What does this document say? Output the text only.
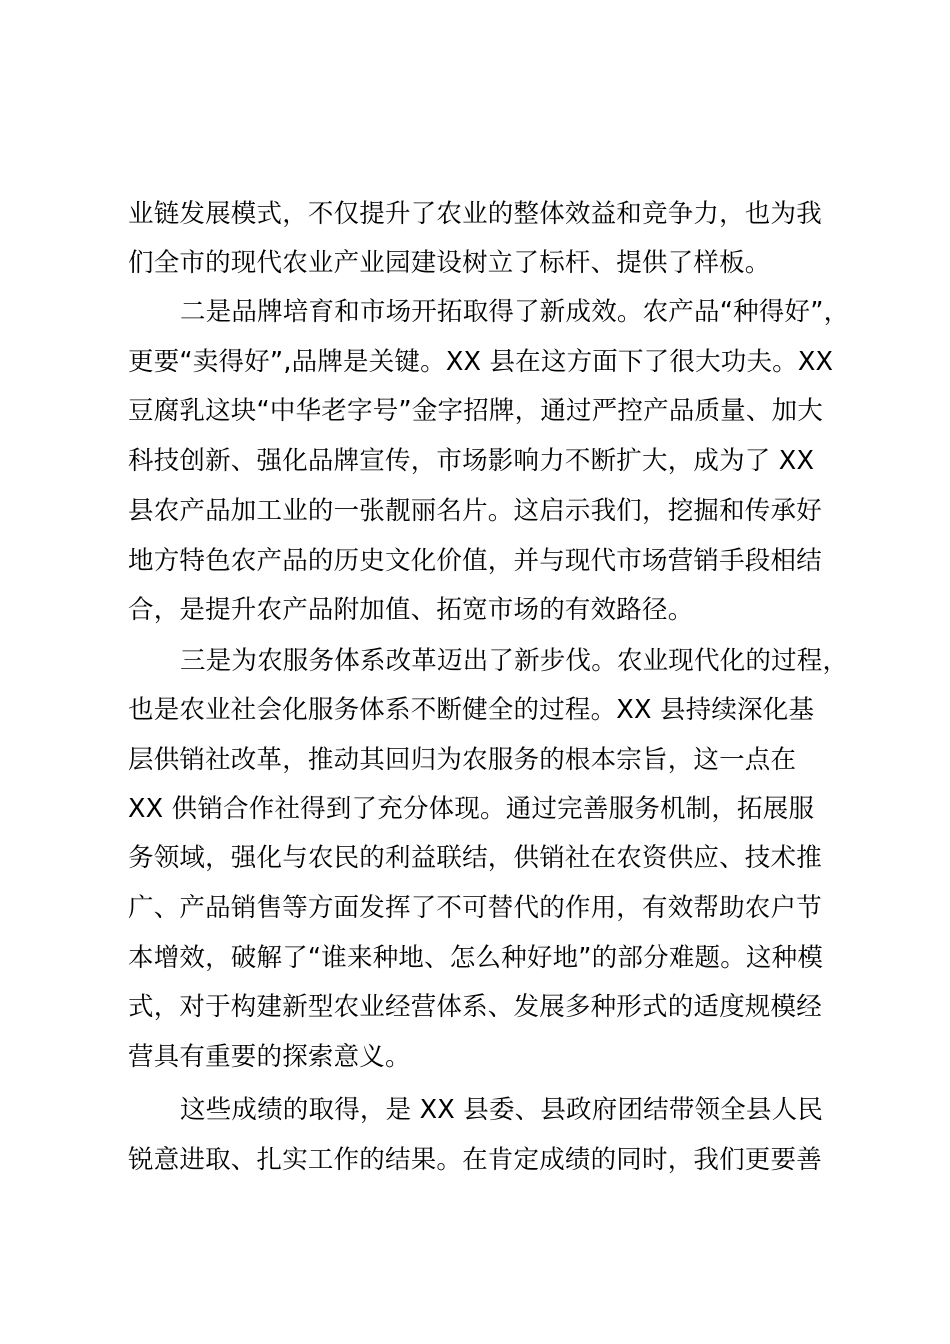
业链发展模式，不仅提升了农业的整体效益和竞争力，也为我
们全市的现代农业产业园建设树立了标杆、提供了样板。
二是品牌培育和市场开拓取得了新成效。农产品“种得好”，
更要“卖得好”,品牌是关键。XX 县在这方面下了很大功夫。XX
豆腐乳这块“中华老字号”金字招牌，通过严控产品质量、加大
科技创新、强化品牌宣传，市场影响力不断扩大，成为了 XX
县农产品加工业的一张靓丽名片。这启示我们，挖掘和传承好
地方特色农产品的历史文化价值，并与现代市场营销手段相结
合，是提升农产品附加值、拓宽市场的有效路径。
三是为农服务体系改革迈出了新步伐。农业现代化的过程，
也是农业社会化服务体系不断健全的过程。XX 县持续深化基
层供销社改革，推动其回归为农服务的根本宗旨，这一点在
XX 供销合作社得到了充分体现。通过完善服务机制，拓展服
务领域，强化与农民的利益联结，供销社在农资供应、技术推
广、产品销售等方面发挥了不可替代的作用，有效帮助农户节
本增效，破解了“谁来种地、怎么种好地”的部分难题。这种模
式，对于构建新型农业经营体系、发展多种形式的适度规模经
营具有重要的探索意义。
这些成绩的取得，是 XX 县委、县政府团结带领全县人民
锐意进取、扎实工作的结果。在肯定成绩的同时，我们更要善
